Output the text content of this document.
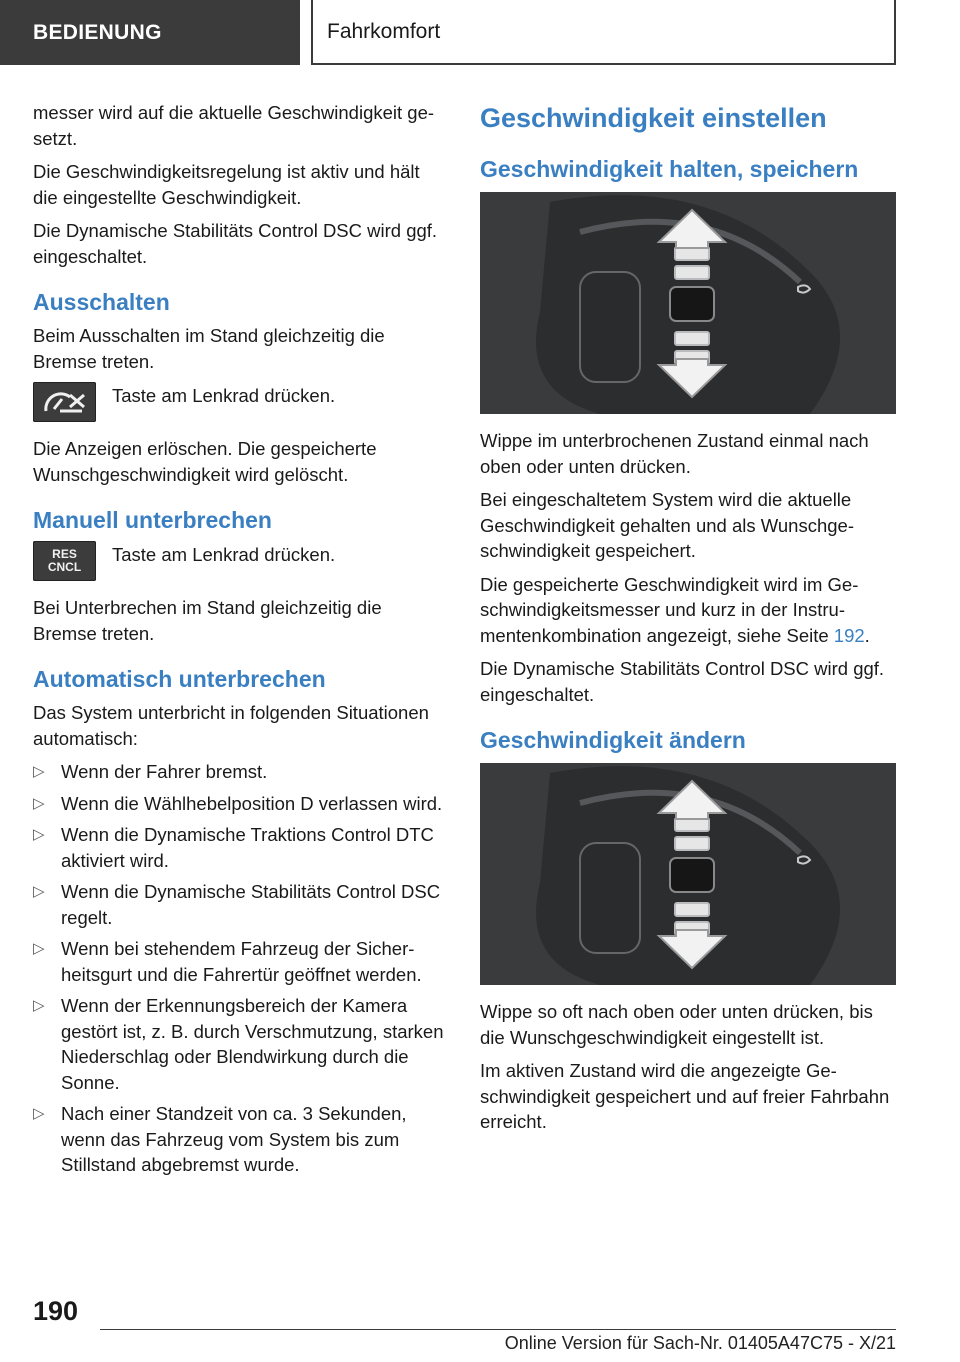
BEDIENUNG	Fahrkomfort

messer wird auf die aktuelle Geschwindigkeit gesetzt.

Die Geschwindigkeitsregelung ist aktiv und hält die eingestellte Geschwindigkeit.

Die Dynamische Stabilitäts Control DSC wird ggf. eingeschaltet.

Ausschalten

Beim Ausschalten im Stand gleichzeitig die Bremse treten.

Taste am Lenkrad drücken.

Die Anzeigen erlöschen. Die gespeicherte Wunschgeschwindigkeit wird gelöscht.

Manuell unterbrechen
RES
CNCL

Taste am Lenkrad drücken.

Bei Unterbrechen im Stand gleichzeitig die Bremse treten.

Automatisch unterbrechen

Das System unterbricht in folgenden Situationen automatisch:

▷ Wenn der Fahrer bremst.
▷ Wenn die Wählhebelposition D verlassen wird.
▷ Wenn die Dynamische Traktions Control DTC aktiviert wird.
▷ Wenn die Dynamische Stabilitäts Control DSC regelt.
▷ Wenn bei stehendem Fahrzeug der Sicherheitsgurt und die Fahrertür geöffnet werden.
▷ Wenn der Erkennungsbereich der Kamera gestört ist, z. B. durch Verschmutzung, starken Niederschlag oder Blendwirkung durch die Sonne.
▷ Nach einer Standzeit von ca. 3 Sekunden, wenn das Fahrzeug vom System bis zum Stillstand abgebremst wurde.
Geschwindigkeit einstellen
Geschwindigkeit halten, speichern

Wippe im unterbrochenen Zustand einmal nach oben oder unten drücken.

Bei eingeschaltetem System wird die aktuelle Geschwindigkeit gehalten und als Wunschgeschwindigkeit gespeichert.

Die gespeicherte Geschwindigkeit wird im Geschwindigkeitsmesser und kurz in der Instrumentenkombination angezeigt, siehe Seite 192.

Die Dynamische Stabilitäts Control DSC wird ggf. eingeschaltet.

Geschwindigkeit ändern

Wippe so oft nach oben oder unten drücken, bis die Wunschgeschwindigkeit eingestellt ist.

Im aktiven Zustand wird die angezeigte Geschwindigkeit gespeichert und auf freier Fahrbahn erreicht.

190
Online Version für Sach-Nr. 01405A47C75 - X/21
